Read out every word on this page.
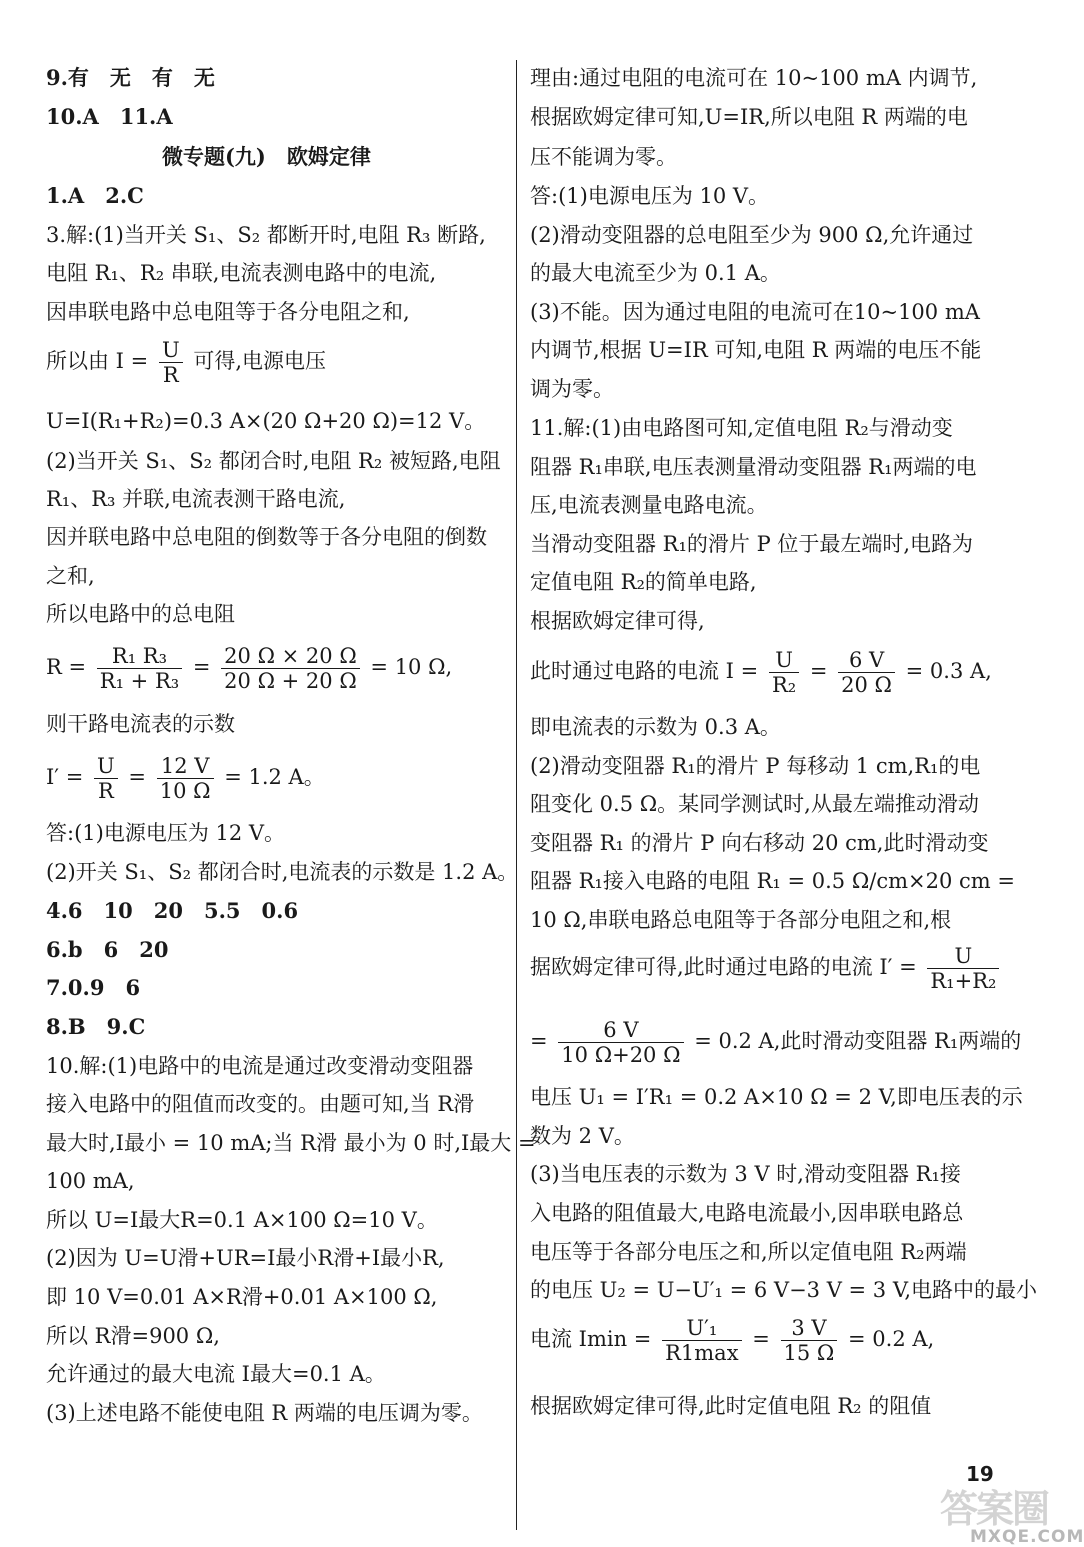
9.有　无　有　无
10.A　11.A
微专题(九)　欧姆定律
1.A　2.C
3.解:(1)当开关 S₁、S₂ 都断开时,电阻 R₃ 断路,
电阻 R₁、R₂ 串联,电流表测电路中的电流,
因串联电路中总电阻等于各分电阻之和,
所以由 $I = \frac{U}{R}$ 可得,电源电压
U=I(R₁+R₂)=0.3 A×(20 Ω+20 Ω)=12 V。
(2)当开关 S₁、S₂ 都闭合时,电阻 R₂ 被短路,电阻
R₁、R₃ 并联,电流表测干路电流,
因并联电路中总电阻的倒数等于各分电阻的倒数
之和,
所以电路中的总电阻
$R = \frac{\text{R₁ R₃}}{\text{R₁ + R₃}} = \frac{20 \Omega \times 20 \Omega}{20 \Omega + 20 \Omega} = 10$ Ω,
则干路电流表的示数
$I' = \frac{U}{R} = \frac{12 V}{10 \Omega} = 1.2$ A。
答:(1)电源电压为 12 V。
(2)开关 S₁、S₂ 都闭合时,电流表的示数是 1.2 A。
4.6　10　20　5.5　0.6
6.b　6　20
7.0.9　6
8.B　9.C
10.解:(1)电路中的电流是通过改变滑动变阻器
接入电路中的阻值而改变的。由题可知,当 R滑
最大时,I最小 = 10 mA;当 R滑 最小为 0 时,I最大 =
100 mA,
所以 U=I最大R=0.1 A×100 Ω=10 V。
(2)因为 U=U滑+UR=I最小R滑+I最小R,
即 10 V=0.01 A×R滑+0.01 A×100 Ω,
所以 R滑=900 Ω,
允许通过的最大电流 I最大=0.1 A。
(3)上述电路不能使电阻 R 两端的电压调为零。
理由:通过电阻的电流可在 10~100 mA 内调节,
根据欧姆定律可知,U=IR,所以电阻 R 两端的电
压不能调为零。
答:(1)电源电压为 10 V。
(2)滑动变阻器的总电阻至少为 900 Ω,允许通过
的最大电流至少为 0.1 A。
(3)不能。因为通过电阻的电流可在10~100 mA
内调节,根据 U=IR 可知,电阻 R 两端的电压不能
调为零。
11.解:(1)由电路图可知,定值电阻 R₂与滑动变
阻器 R₁串联,电压表测量滑动变阻器 R₁两端的电
压,电流表测量电路电流。
当滑动变阻器 R₁的滑片 P 位于最左端时,电路为
定值电阻 R₂的简单电路,
根据欧姆定律可得,
此时通过电路的电流 $I = \frac{U}{\text{R₂}} = \frac{6 V}{20 \Omega} = 0.3$ A,
即电流表的示数为 0.3 A。
(2)滑动变阻器 R₁的滑片 P 每移动 1 cm,R₁的电
阻变化 0.5 Ω。某同学测试时,从最左端推动滑动
变阻器 R₁ 的滑片 P 向右移动 20 cm,此时滑动变
阻器 R₁接入电路的电阻 R₁ = 0.5 Ω/cm×20 cm =
10 Ω,串联电路总电阻等于各部分电阻之和,根
据欧姆定律可得,此时通过电路的电流 $I' = \frac{U}{\text{R₁+R₂}}$
= $\frac{6 V}{10 \Omega+20 \Omega} = 0.2$ A,此时滑动变阻器 R₁两端的
电压 U₁ = I′R₁ = 0.2 A×10 Ω = 2 V,即电压表的示
数为 2 V。
(3)当电压表的示数为 3 V 时,滑动变阻器 R₁接
入电路的阻值最大,电路电流最小,因串联电路总
电压等于各部分电压之和,所以定值电阻 R₂两端
的电压 U₂ = U−U′₁ = 6 V−3 V = 3 V,电路中的最小
电流 $Imin = \frac{\text{U′₁}}{R1\max} = \frac{3 V}{15 \Omega} = 0.2$ A,
根据欧姆定律可得,此时定值电阻 R₂ 的阻值
19
答案圈
MXQE.COM
